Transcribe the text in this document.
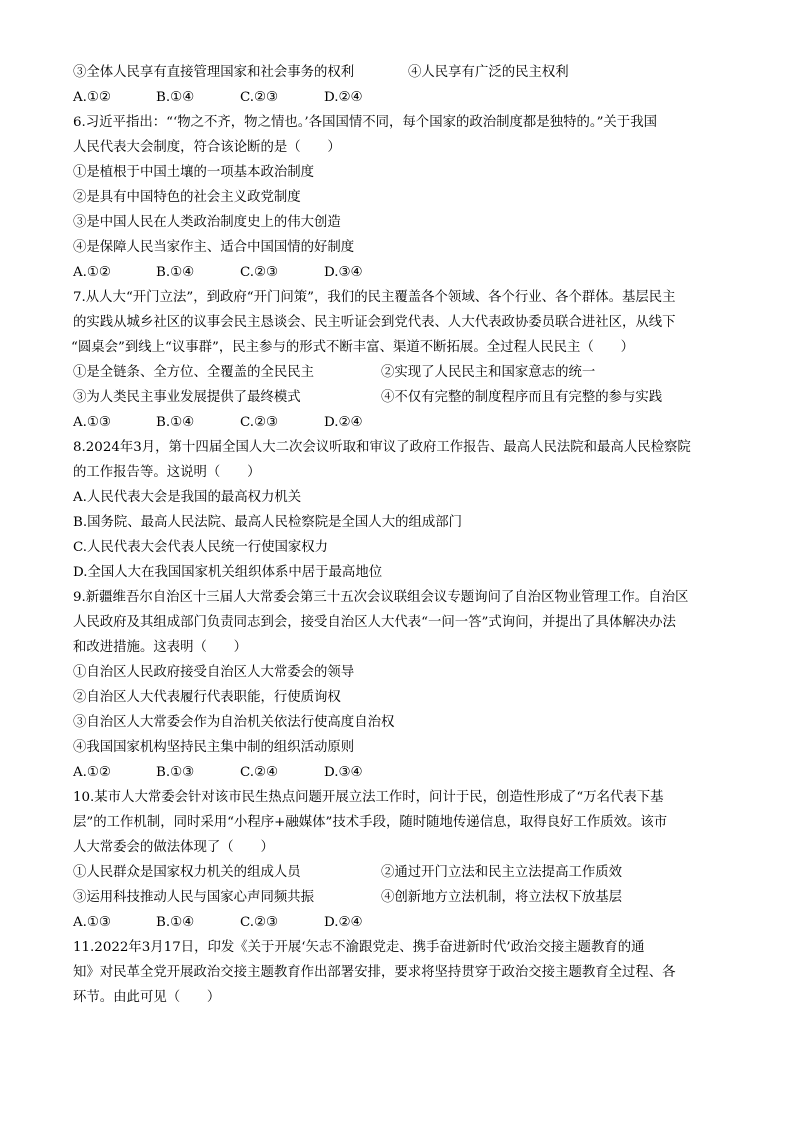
③全体人民享有直接管理国家和社会事务的权利	④人民享有广泛的民主权利
A.①②	B.①④	C.②③	D.②④
6.习近平指出：“‘物之不齐，物之情也。’各国国情不同，每个国家的政治制度都是独特的。”关于我国
人民代表大会制度，符合该论断的是（　　）
①是植根于中国土壤的一项基本政治制度
②是具有中国特色的社会主义政党制度
③是中国人民在人类政治制度史上的伟大创造
④是保障人民当家作主、适合中国国情的好制度
A.①②	B.①④	C.②③	D.③④
7.从人大“开门立法”，到政府“开门问策”，我们的民主覆盖各个领域、各个行业、各个群体。基层民主
的实践从城乡社区的议事会民主恳谈会、民主听证会到党代表、人大代表政协委员联合进社区，从线下
“圆桌会”到线上“议事群”，民主参与的形式不断丰富、渠道不断拓展。全过程人民民主（　　）
①是全链条、全方位、全覆盖的全民民主	②实现了人民民主和国家意志的统一
③为人类民主事业发展提供了最终模式	④不仅有完整的制度程序而且有完整的参与实践
A.①③	B.①④	C.②③	D.②④
8.2024年3月，第十四届全国人大二次会议听取和审议了政府工作报告、最高人民法院和最高人民检察院
的工作报告等。这说明（　　）
A.人民代表大会是我国的最高权力机关
B.国务院、最高人民法院、最高人民检察院是全国人大的组成部门
C.人民代表大会代表人民统一行使国家权力
D.全国人大在我国国家机关组织体系中居于最高地位
9.新疆维吾尔自治区十三届人大常委会第三十五次会议联组会议专题询问了自治区物业管理工作。自治区
人民政府及其组成部门负责同志到会，接受自治区人大代表“一问一答”式询问，并提出了具体解决办法
和改进措施。这表明（　　）
①自治区人民政府接受自治区人大常委会的领导
②自治区人大代表履行代表职能，行使质询权
③自治区人大常委会作为自治机关依法行使高度自治权
④我国国家机构坚持民主集中制的组织活动原则
A.①②	B.①③	C.②④	D.③④
10.某市人大常委会针对该市民生热点问题开展立法工作时，问计于民，创造性形成了“万名代表下基
层”的工作机制，同时采用“小程序+融媒体”技术手段，随时随地传递信息，取得良好工作质效。该市
人大常委会的做法体现了（　　）
①人民群众是国家权力机关的组成人员	②通过开门立法和民主立法提高工作质效
③运用科技推动人民与国家心声同频共振	④创新地方立法机制，将立法权下放基层
A.①③	B.①④	C.②③	D.②④
11.2022年3月17日，印发《关于开展‘矢志不渝跟党走、携手奋进新时代’政治交接主题教育的通
知》对民革全党开展政治交接主题教育作出部署安排，要求将坚持贯穿于政治交接主题教育全过程、各
环节。由此可见（　　）
